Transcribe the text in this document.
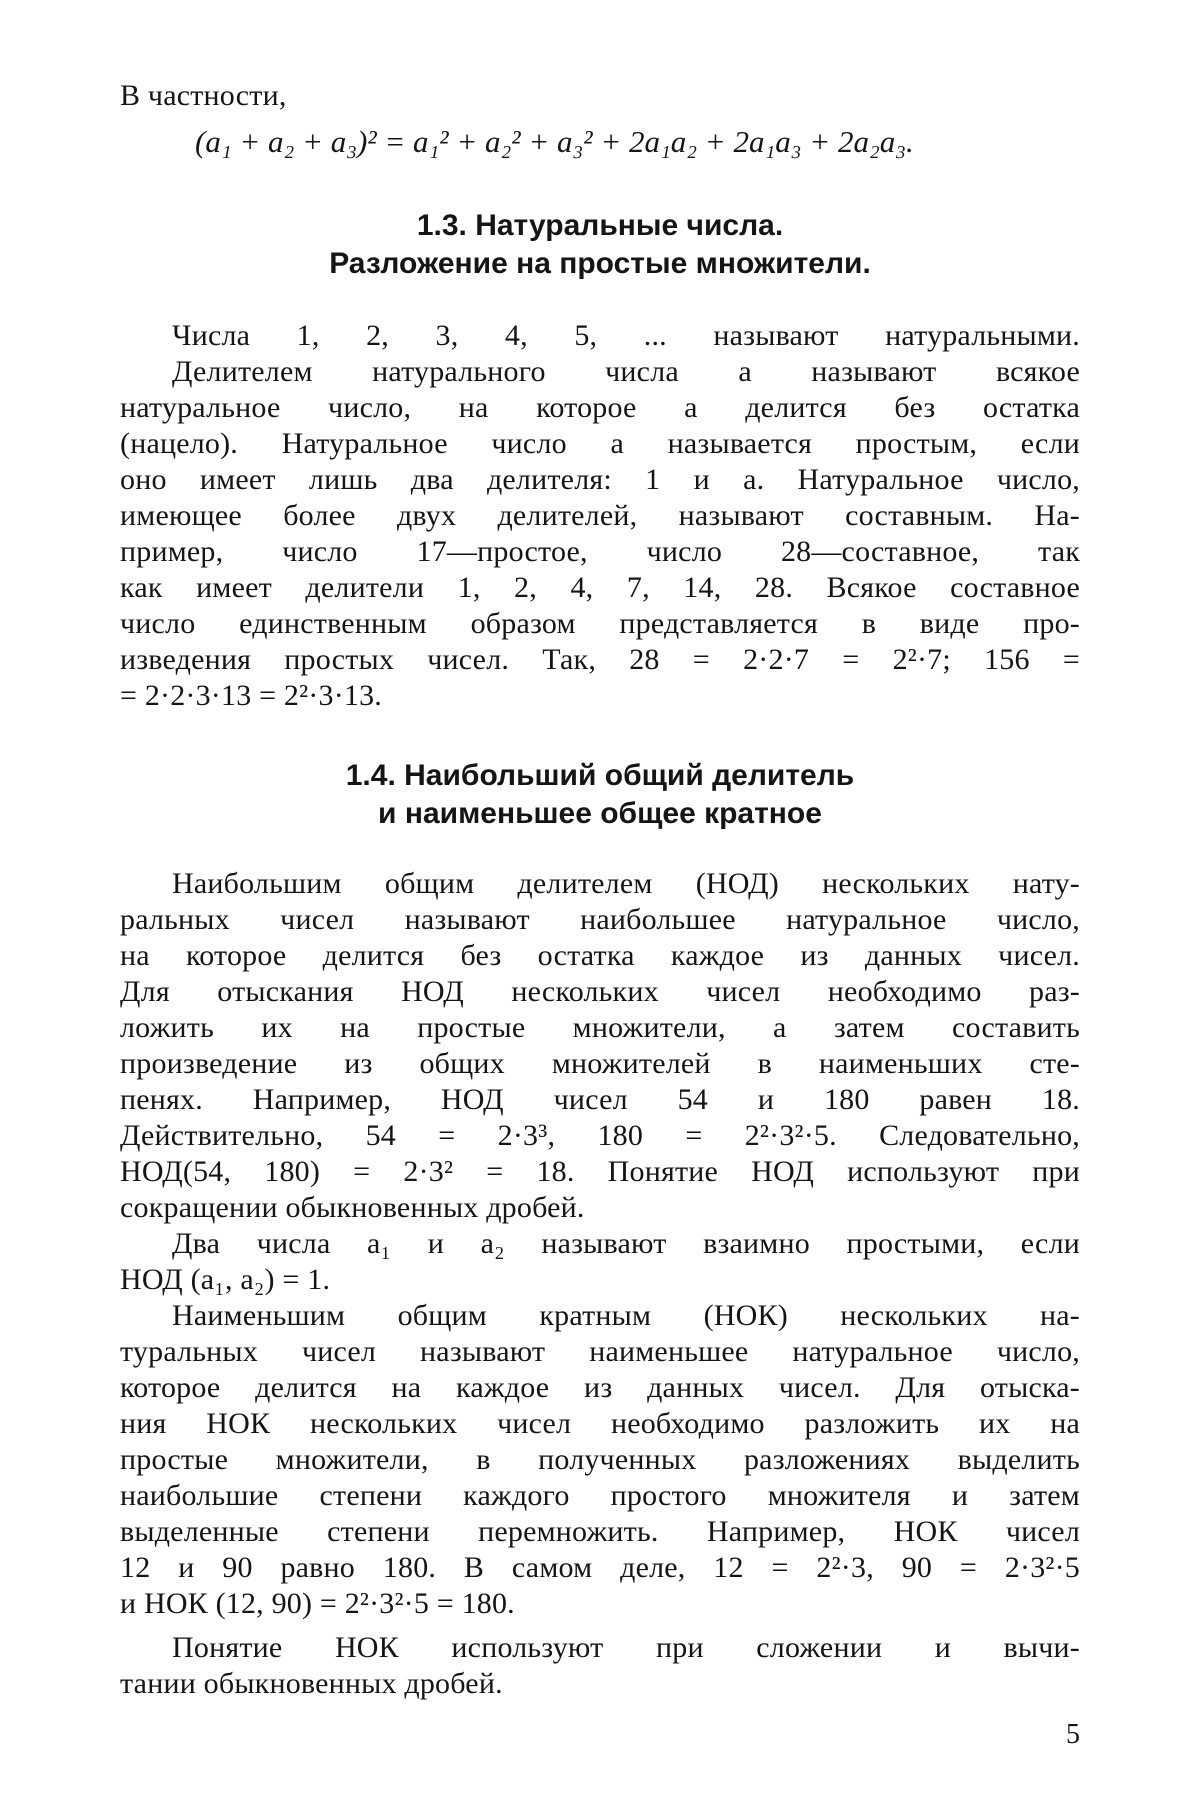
В частности,
(a₁ + a₂ + a₃)² = a₁² + a₂² + a₃² + 2a₁a₂ + 2a₁a₃ + 2a₂a₃.
1.3. Натуральные числа.
Разложение на простые множители.
Числа 1, 2, 3, 4, 5, ... называют натуральными.
Делителем натурального числа a называют всякое
натуральное число, на которое a делится без остатка
(нацело). Натуральное число a называется простым, если
оно имеет лишь два делителя: 1 и a. Натуральное число,
имеющее более двух делителей, называют составным. На-
пример, число 17—простое, число 28—составное, так
как имеет делители 1, 2, 4, 7, 14, 28. Всякое составное
число единственным образом представляется в виде про-
изведения простых чисел. Так, 28 = 2·2·7 = 2²·7; 156 =
= 2·2·3·13 = 2²·3·13.
1.4. Наибольший общий делитель
и наименьшее общее кратное
Наибольшим общим делителем (НОД) нескольких нату-
ральных чисел называют наибольшее натуральное число,
на которое делится без остатка каждое из данных чисел.
Для отыскания НОД нескольких чисел необходимо раз-
ложить их на простые множители, а затем составить
произведение из общих множителей в наименьших сте-
пенях. Например, НОД чисел 54 и 180 равен 18.
Действительно, 54 = 2·3³, 180 = 2²·3²·5. Следовательно,
НОД(54, 180) = 2·3² = 18. Понятие НОД используют при
сокращении обыкновенных дробей.
Два числа a₁ и a₂ называют взаимно простыми, если
НОД (a₁, a₂) = 1.
Наименьшим общим кратным (НОК) нескольких на-
туральных чисел называют наименьшее натуральное число,
которое делится на каждое из данных чисел. Для отыска-
ния НОК нескольких чисел необходимо разложить их на
простые множители, в полученных разложениях выделить
наибольшие степени каждого простого множителя и затем
выделенные степени перемножить. Например, НОК чисел
12 и 90 равно 180. В самом деле, 12 = 2²·3, 90 = 2·3²·5
и НОК (12, 90) = 2²·3²·5 = 180.
Понятие НОК используют при сложении и вычи-
тании обыкновенных дробей.
5
